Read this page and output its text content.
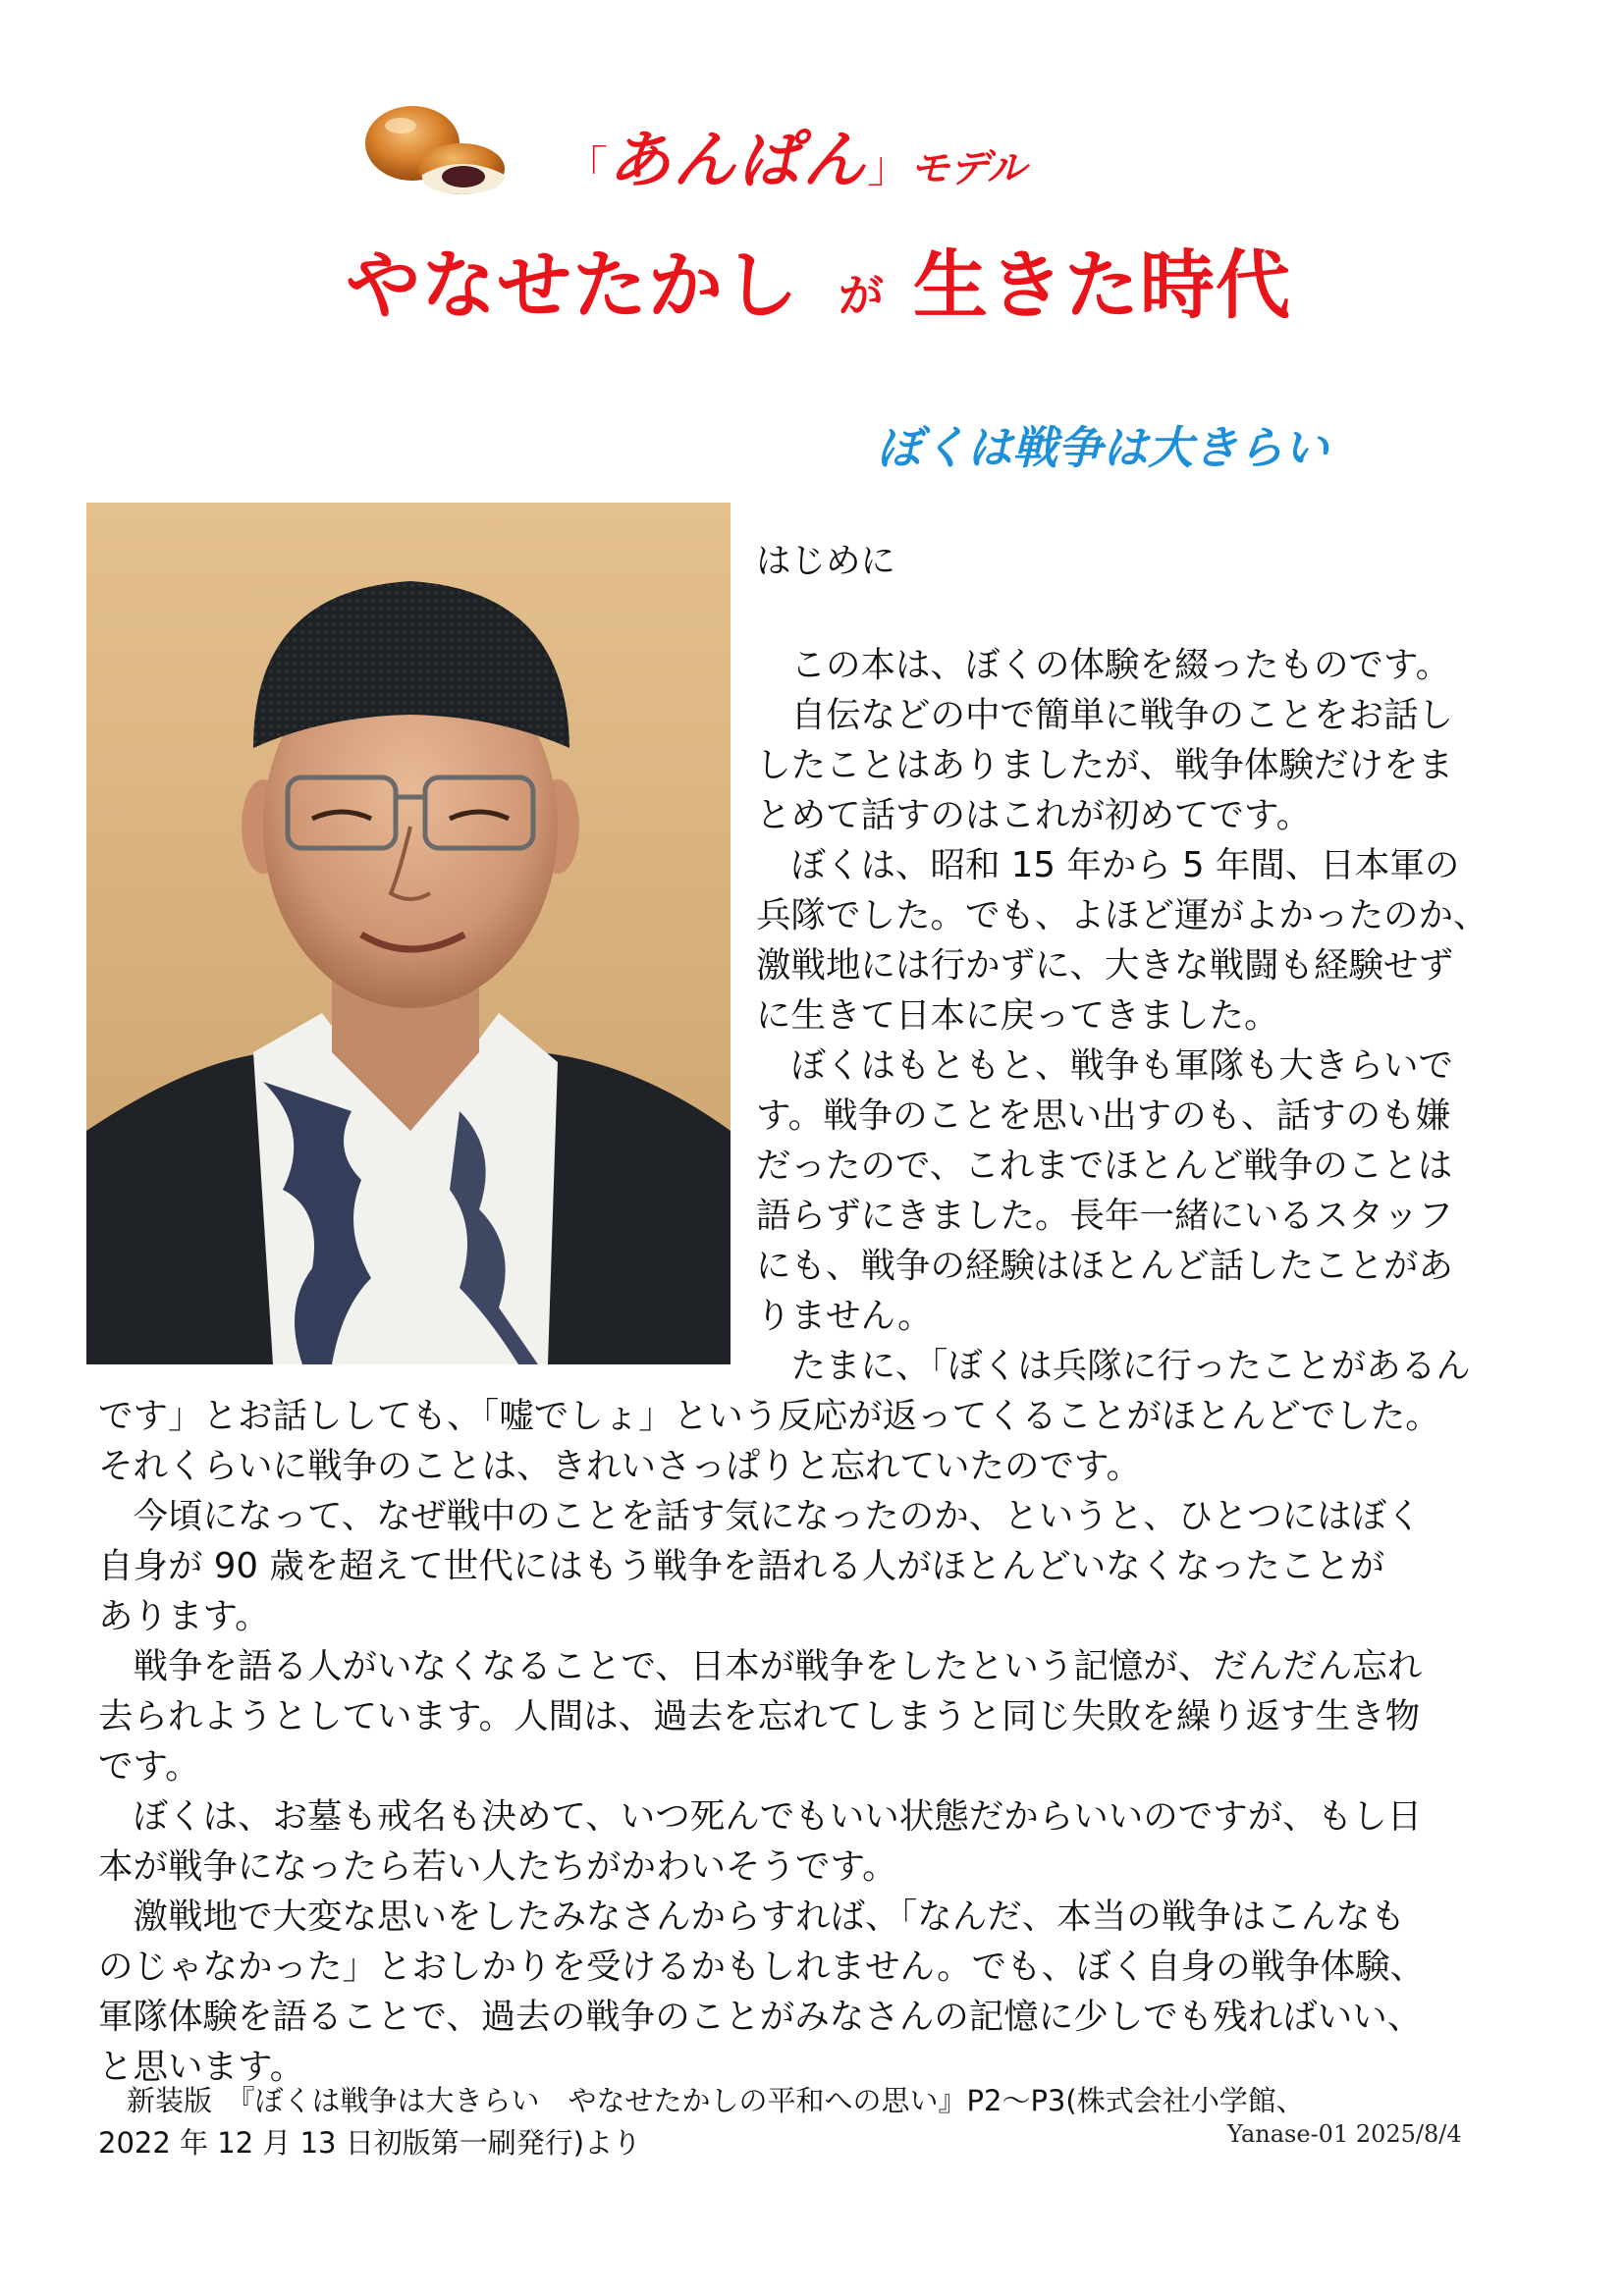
「あんぱん」モデル
やなせたかし が 生きた時代
ぼくは戦争は大きらい
はじめに
　この本は、ぼくの体験を綴ったものです。
　自伝などの中で簡単に戦争のことをお話し
したことはありましたが、戦争体験だけをま
とめて話すのはこれが初めてです。
　ぼくは、昭和 15 年から 5 年間、日本軍の
兵隊でした。でも、よほど運がよかったのか、
激戦地には行かずに、大きな戦闘も経験せず
に生きて日本に戻ってきました。
　ぼくはもともと、戦争も軍隊も大きらいで
す。戦争のことを思い出すのも、話すのも嫌
だったので、これまでほとんど戦争のことは
語らずにきました。長年一緒にいるスタッフ
にも、戦争の経験はほとんど話したことがあ
りません。
　たまに、「ぼくは兵隊に行ったことがあるん
です」とお話ししても、「嘘でしょ」という反応が返ってくることがほとんどでした。
それくらいに戦争のことは、きれいさっぱりと忘れていたのです。
　今頃になって、なぜ戦中のことを話す気になったのか、というと、ひとつにはぼく
自身が 90 歳を超えて世代にはもう戦争を語れる人がほとんどいなくなったことが
あります。
　戦争を語る人がいなくなることで、日本が戦争をしたという記憶が、だんだん忘れ
去られようとしています。人間は、過去を忘れてしまうと同じ失敗を繰り返す生き物
です。
　ぼくは、お墓も戒名も決めて、いつ死んでもいい状態だからいいのですが、もし日
本が戦争になったら若い人たちがかわいそうです。
　激戦地で大変な思いをしたみなさんからすれば、「なんだ、本当の戦争はこんなも
のじゃなかった」とおしかりを受けるかもしれません。でも、ぼく自身の戦争体験、
軍隊体験を語ることで、過去の戦争のことがみなさんの記憶に少しでも残ればいい、
と思います。
　新装版　『ぼくは戦争は大きらい　やなせたかしの平和への思い』P2～P3(株式会社小学館、
2022 年 12 月 13 日初版第一刷発行)より	Yanase-01 2025/8/4
